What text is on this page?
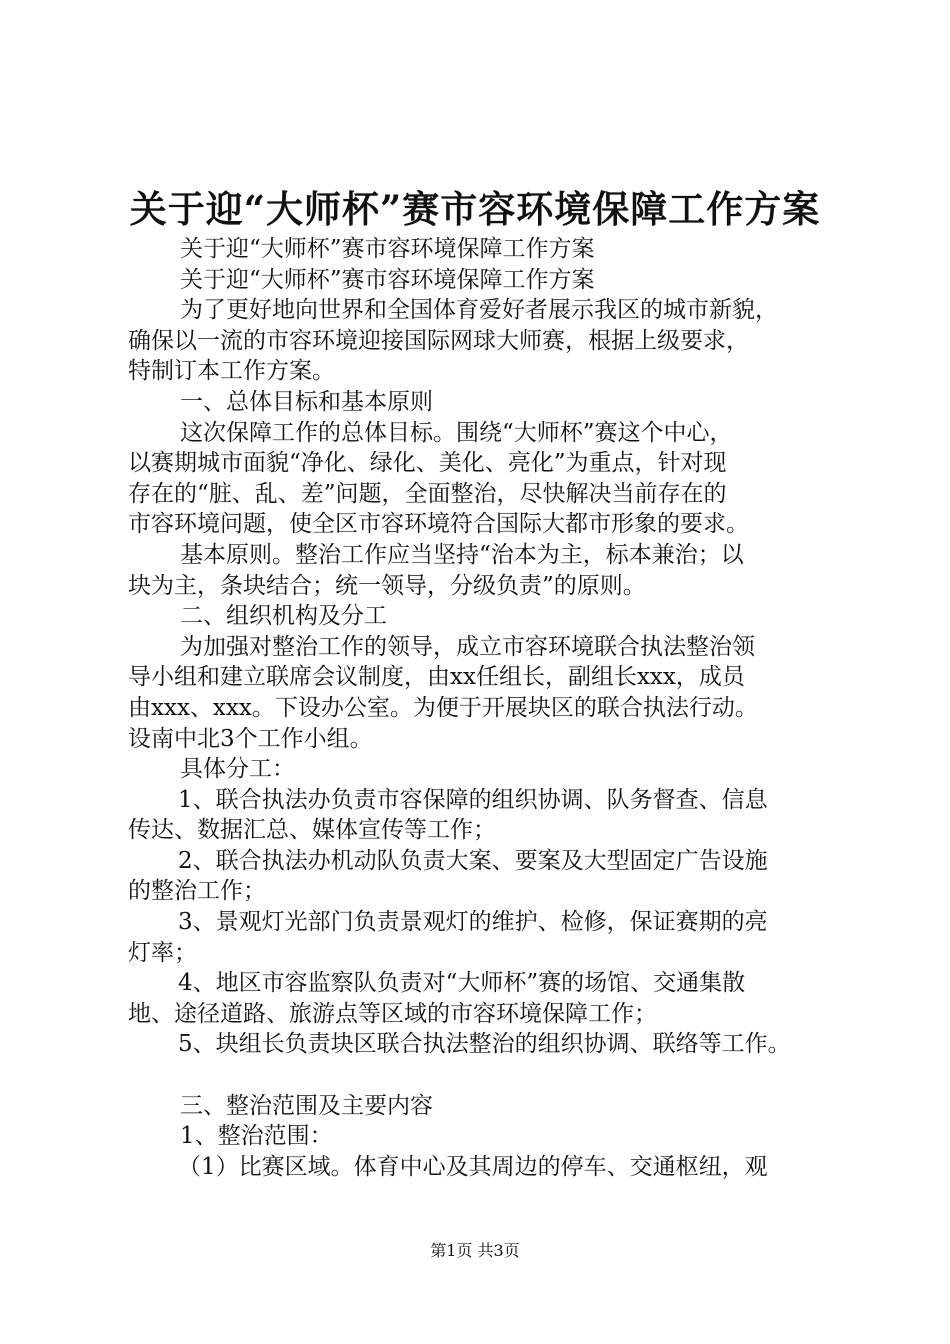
关于迎“大师杯”赛市容环境保障工作方案
关于迎“大师杯”赛市容环境保障工作方案
关于迎“大师杯”赛市容环境保障工作方案
为了更好地向世界和全国体育爱好者展示我区的城市新貌，
确保以一流的市容环境迎接国际网球大师赛，根据上级要求，
特制订本工作方案。
一、总体目标和基本原则
这次保障工作的总体目标。围绕“大师杯”赛这个中心，
以赛期城市面貌“净化、绿化、美化、亮化”为重点，针对现
存在的“脏、乱、差”问题，全面整治，尽快解决当前存在的
市容环境问题，使全区市容环境符合国际大都市形象的要求。
基本原则。整治工作应当坚持“治本为主，标本兼治；以
块为主，条块结合；统一领导，分级负责”的原则。
二、组织机构及分工
为加强对整治工作的领导，成立市容环境联合执法整治领
导小组和建立联席会议制度，由xx任组长，副组长xxx，成员
由xxx、xxx。下设办公室。为便于开展块区的联合执法行动。
设南中北3个工作小组。
具体分工：
1、联合执法办负责市容保障的组织协调、队务督查、信息
传达、数据汇总、媒体宣传等工作；
2、联合执法办机动队负责大案、要案及大型固定广告设施
的整治工作；
3、景观灯光部门负责景观灯的维护、检修，保证赛期的亮
灯率；
4、地区市容监察队负责对“大师杯”赛的场馆、交通集散
地、途径道路、旅游点等区域的市容环境保障工作；
5、块组长负责块区联合执法整治的组织协调、联络等工作。
三、整治范围及主要内容
1、整治范围：
（1）比赛区域。体育中心及其周边的停车、交通枢纽，观
第1页 共3页
